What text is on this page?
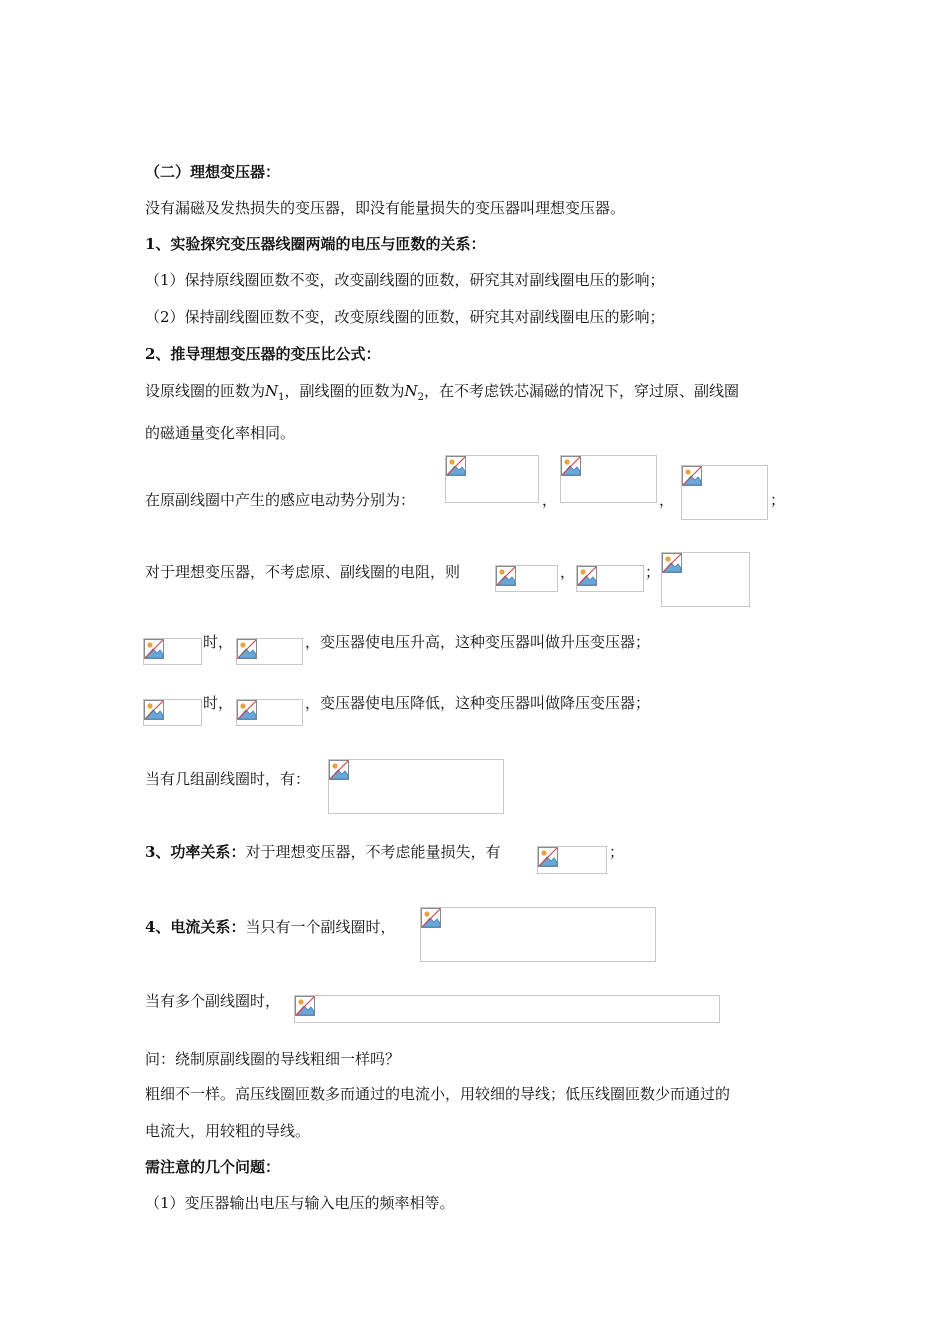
（二）理想变压器：
没有漏磁及发热损失的变压器，即没有能量损失的变压器叫理想变压器。
1、实验探究变压器线圈两端的电压与匝数的关系：
（1）保持原线圈匝数不变，改变副线圈的匝数，研究其对副线圈电压的影响；
（2）保持副线圈匝数不变，改变原线圈的匝数，研究其对副线圈电压的影响；
2、推导理想变压器的变压比公式：
设原线圈的匝数为$N_1$，副线圈的匝数为$N_2$，在不考虑铁芯漏磁的情况下，穿过原、副线圈
的磁通量变化率相同。
在原副线圈中产生的感应电动势分别为：	，	，	；
对于理想变压器，不考虑原、副线圈的电阻，则	，	；
时，	，变压器使电压升高，这种变压器叫做升压变压器；
时，	，变压器使电压降低，这种变压器叫做降压变压器；
当有几组副线圈时，有：
3、功率关系：对于理想变压器，不考虑能量损失，有	；
4、电流关系：当只有一个副线圈时，
当有多个副线圈时，
问：绕制原副线圈的导线粗细一样吗？
粗细不一样。高压线圈匝数多而通过的电流小，用较细的导线；低压线圈匝数少而通过的
电流大，用较粗的导线。
需注意的几个问题：
（1）变压器输出电压与输入电压的频率相等。
